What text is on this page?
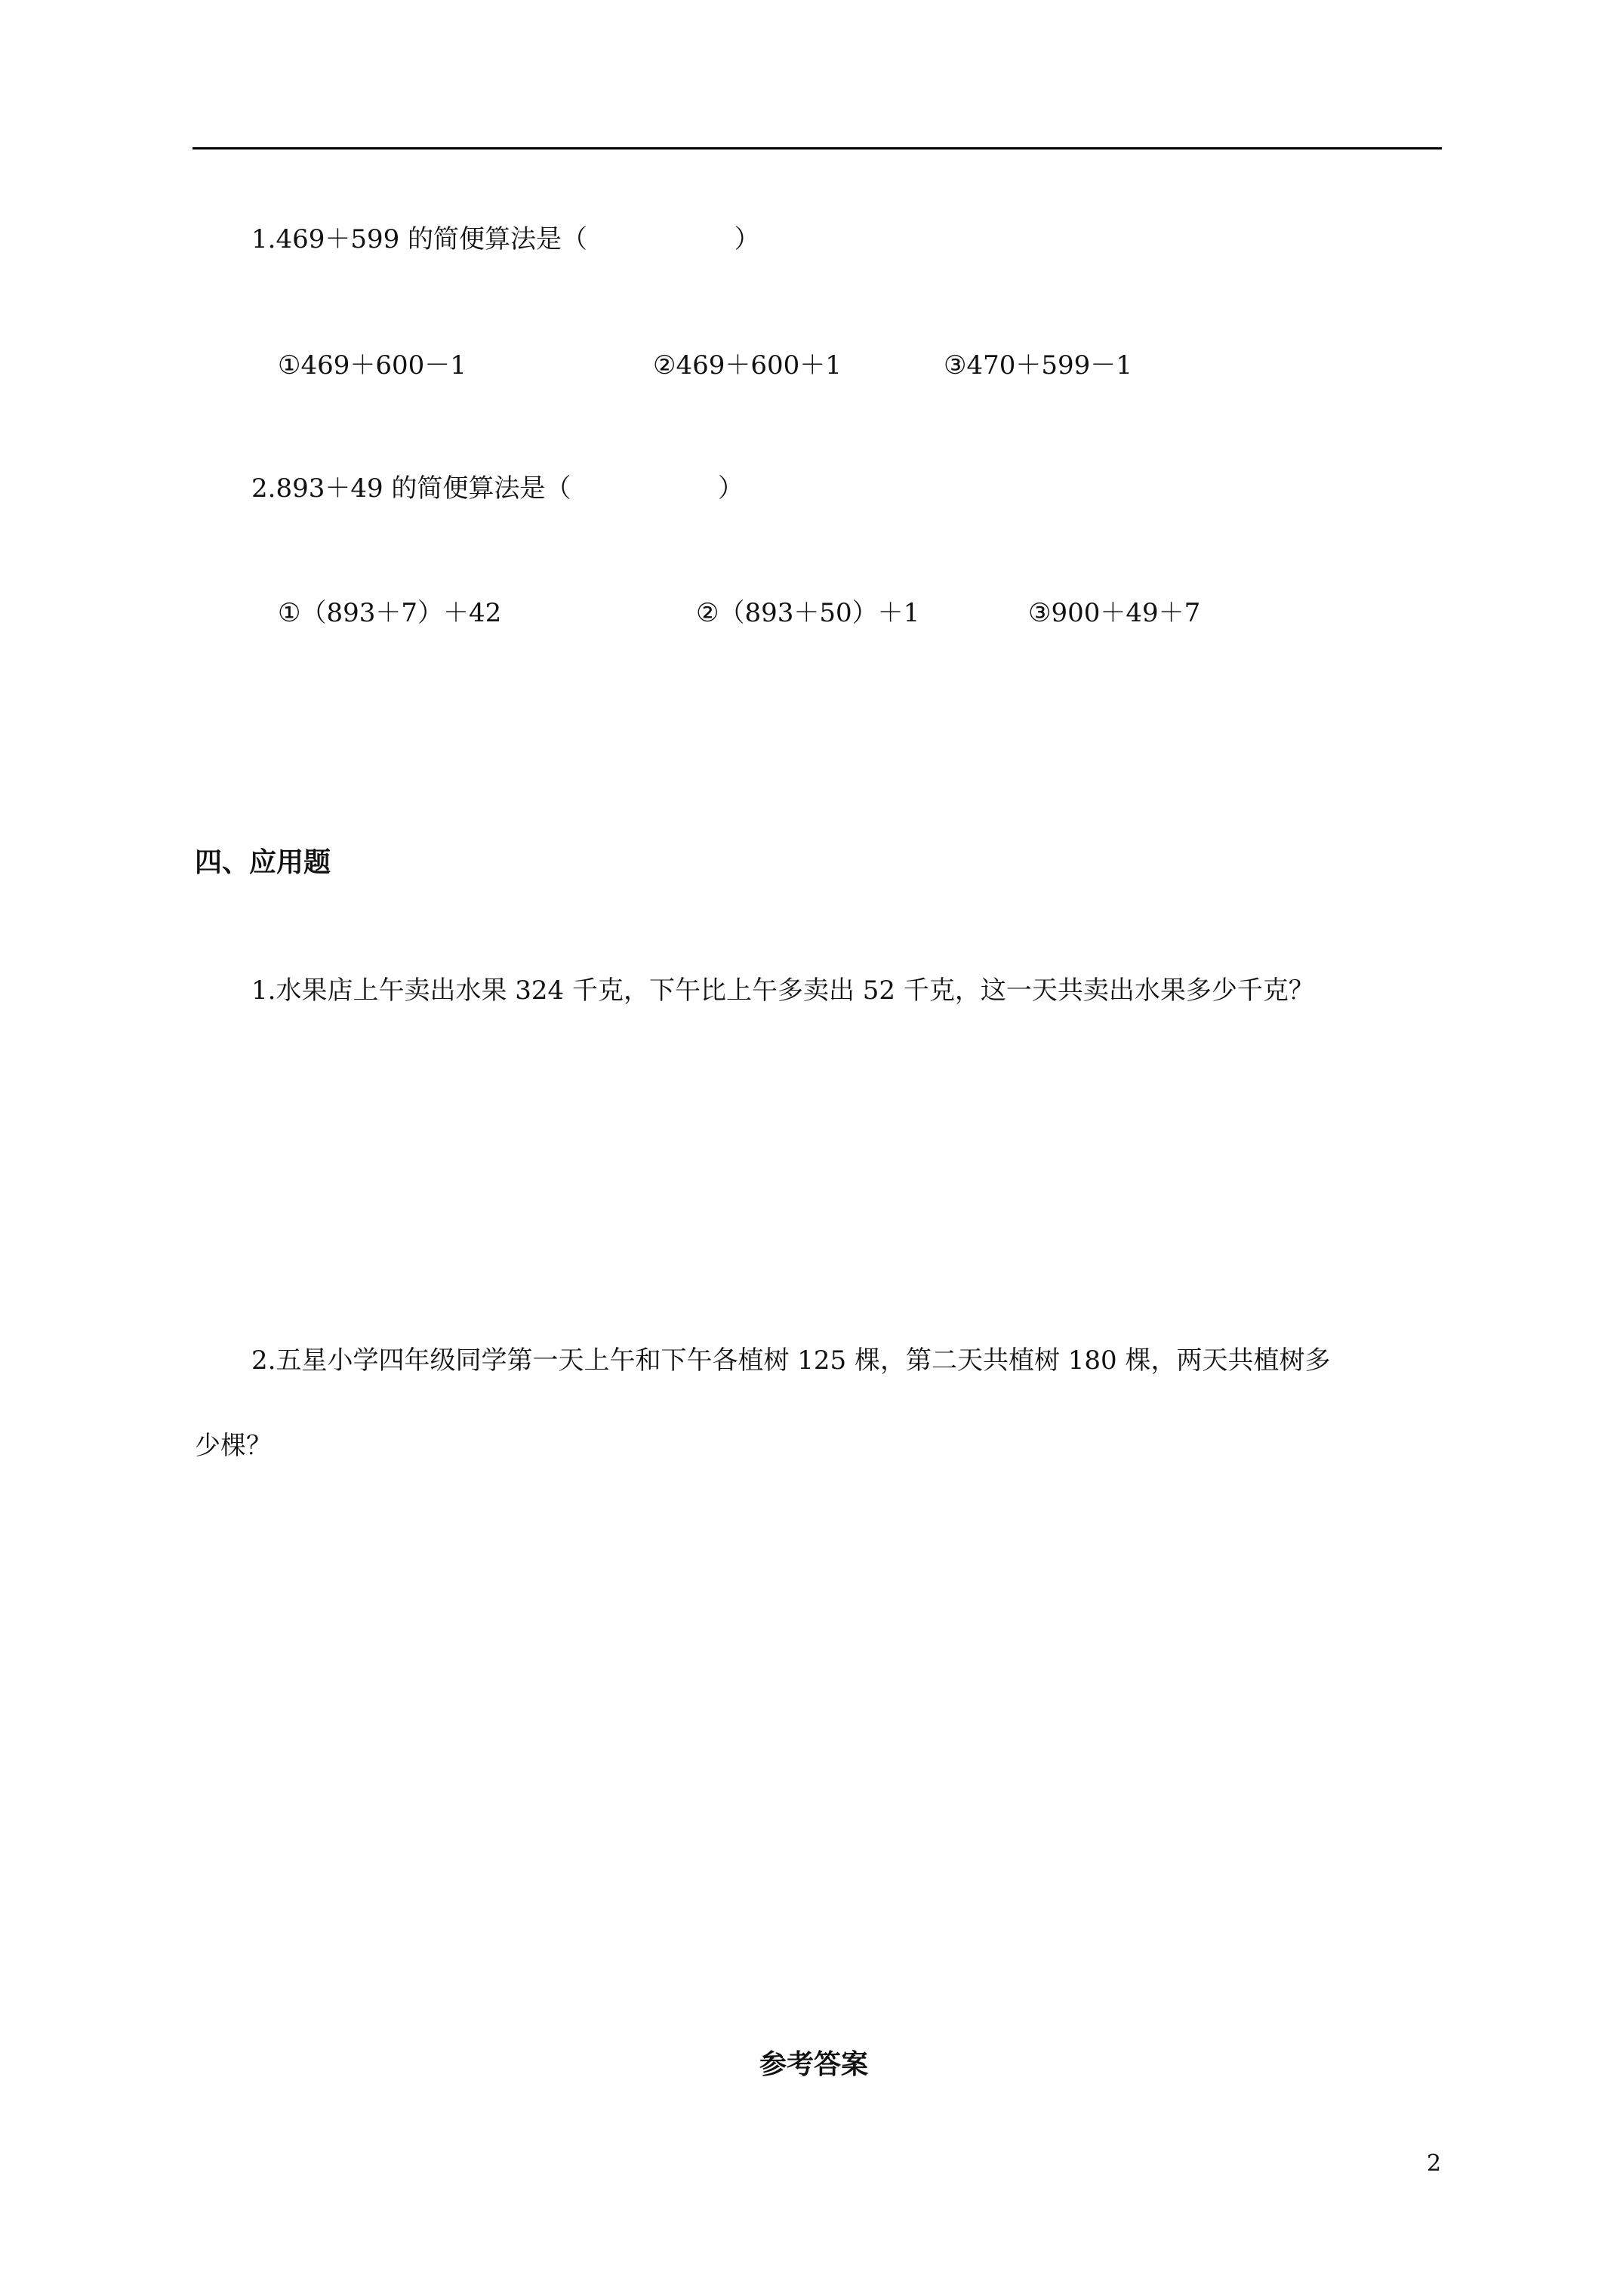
1.469＋599 的简便算法是（                  ）
①469＋600－1	②469＋600＋1	③470＋599－1
2.893＋49 的简便算法是（                  ）
①（893＋7）＋42	②（893＋50）＋1	③900＋49＋7
四、应用题
1.水果店上午卖出水果 324 千克，下午比上午多卖出 52 千克，这一天共卖出水果多少千克？
2.五星小学四年级同学第一天上午和下午各植树 125 棵，第二天共植树 180 棵，两天共植树多
少棵？
参考答案
2
